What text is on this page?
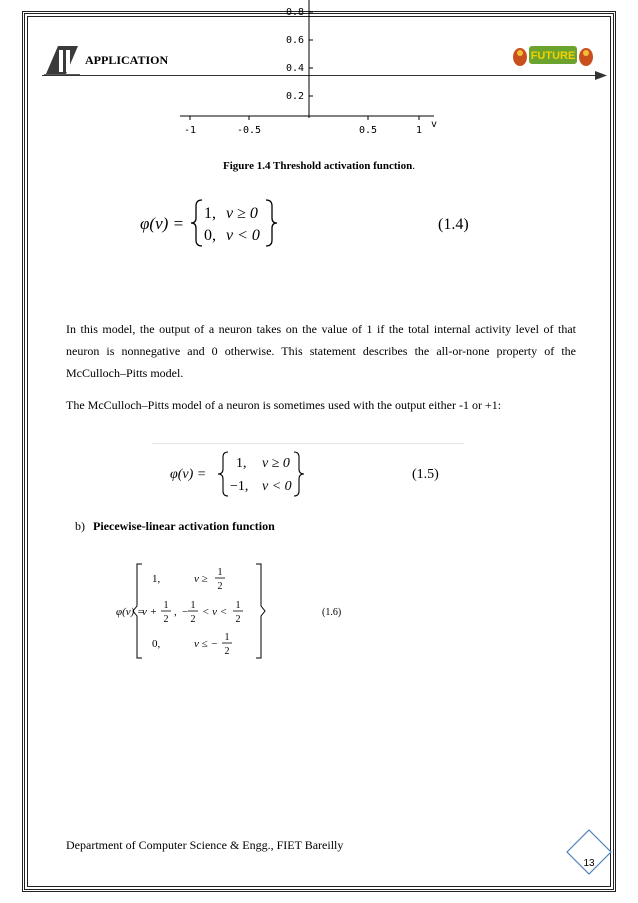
APPLICATION	FUTURE
0.8
0.6
0.4
0.2
-1	-0.5	0.5	1
v
Figure 1.4 Threshold activation function.
φ(v) =
1, v ≥ 0
0, v < 0
(1.4)
In this model, the output of a neuron takes on the value of 1 if the total internal activity level of that neuron is nonnegative and 0 otherwise. This statement describes the all-or-none property of the McCulloch–Pitts model.
The McCulloch–Pitts model of a neuron is sometimes used with the output either -1 or +1:
φ(v) =
1, v ≥ 0
−1, v < 0
(1.5)
b) Piecewise-linear activation function
φ(v) =
1,	v ≥
1
2
v +
1
2
, −
1
2
< v <
1
2
0,	v ≤ −
1
2
(1.6)
Department of Computer Science & Engg., FIET Bareilly
13
